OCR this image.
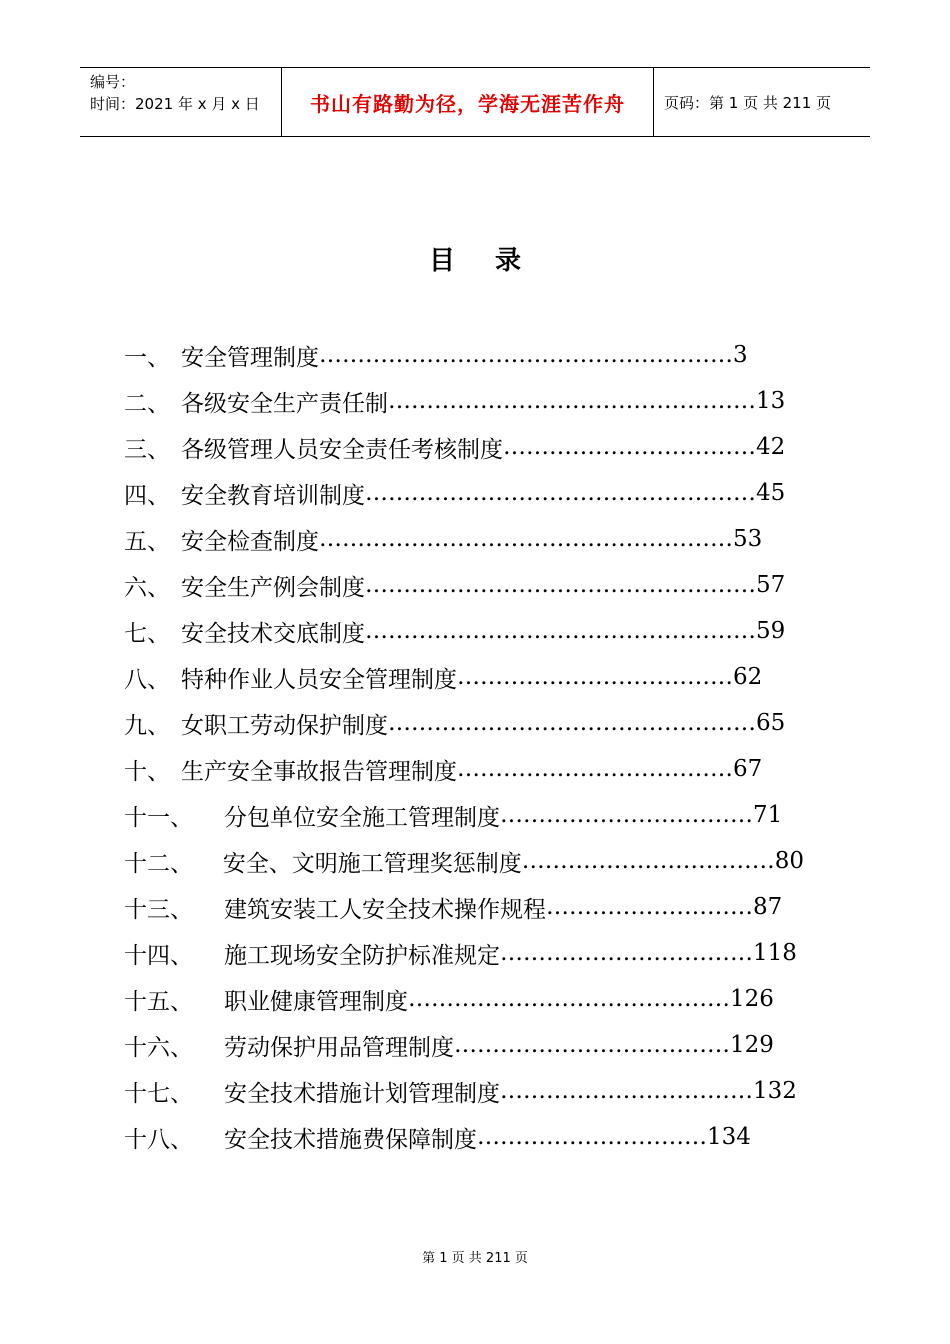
编号：
时间：2021 年 x 月 x 日	书山有路勤为径，学海无涯苦作舟	页码：第 1 页 共 211 页
目录
一、 安全管理制度 ……………………………………………… 3
二、 各级安全生产责任制 ………………………………………… 13
三、 各级管理人员安全责任考核制度 …………………………… 42
四、 安全教育培训制度 …………………………………………… 45
五、 安全检查制度 ……………………………………………… 53
六、 安全生产例会制度 …………………………………………… 57
七、 安全技术交底制度 …………………………………………… 59
八、 特种作业人员安全管理制度 ……………………………… 62
九、 女职工劳动保护制度 ………………………………………… 65
十、 生产安全事故报告管理制度 ……………………………… 67
十一、	分包单位安全施工管理制度 …………………………… 71
十二、	安全、文明施工管理奖惩制度 …………………………… 80
十三、	建筑安装工人安全技术操作规程 ……………………… 87
十四、	施工现场安全防护标准规定 …………………………… 118
十五、	职业健康管理制度 …………………………………… 126
十六、	劳动保护用品管理制度 ……………………………… 129
十七、	安全技术措施计划管理制度 …………………………… 132
十八、	安全技术措施费保障制度 ………………………… 134
第 1 页 共 211 页
